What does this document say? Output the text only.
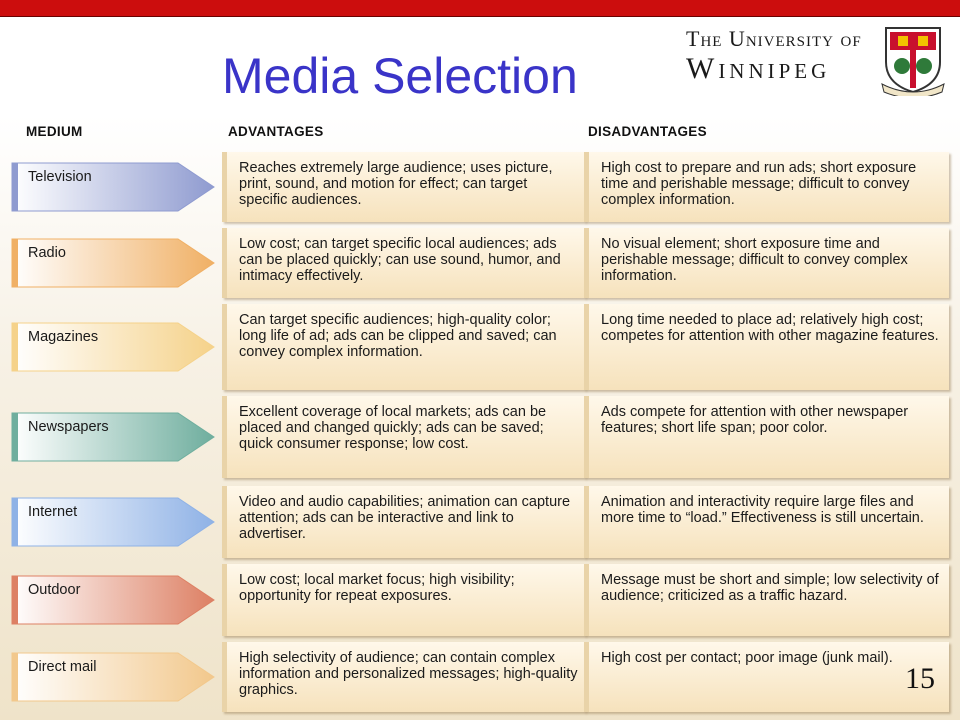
Media Selection
The University of
Winnipeg
MEDIUM	ADVANTAGES	DISADVANTAGES
Television
Reaches extremely large audience; uses picture, print, sound, and motion for effect; can target specific audiences.
High cost to prepare and run ads; short exposure time and perishable message; difficult to convey complex information.
Radio
Low cost; can target specific local audiences; ads can be placed quickly; can use sound, humor, and intimacy effectively.
No visual element; short exposure time and perishable message; difficult to convey complex information.
Magazines
Can target specific audiences; high-quality color; long life of ad; ads can be clipped and saved; can convey complex information.
Long time needed to place ad; relatively high cost; competes for attention with other magazine features.
Newspapers
Excellent coverage of local markets; ads can be placed and changed quickly; ads can be saved; quick consumer response; low cost.
Ads compete for attention with other newspaper features; short life span; poor color.
Internet
Video and audio capabilities; animation can capture attention; ads can be interactive and link to advertiser.
Animation and interactivity require large files and more time to “load.” Effectiveness is still uncertain.
Outdoor
Low cost; local market focus; high visibility; opportunity for repeat exposures.
Message must be short and simple; low selectivity of audience; criticized as a traffic hazard.
Direct mail
High selectivity of audience; can contain complex information and personalized messages; high-quality graphics.
High cost per contact; poor image (junk mail).
15
